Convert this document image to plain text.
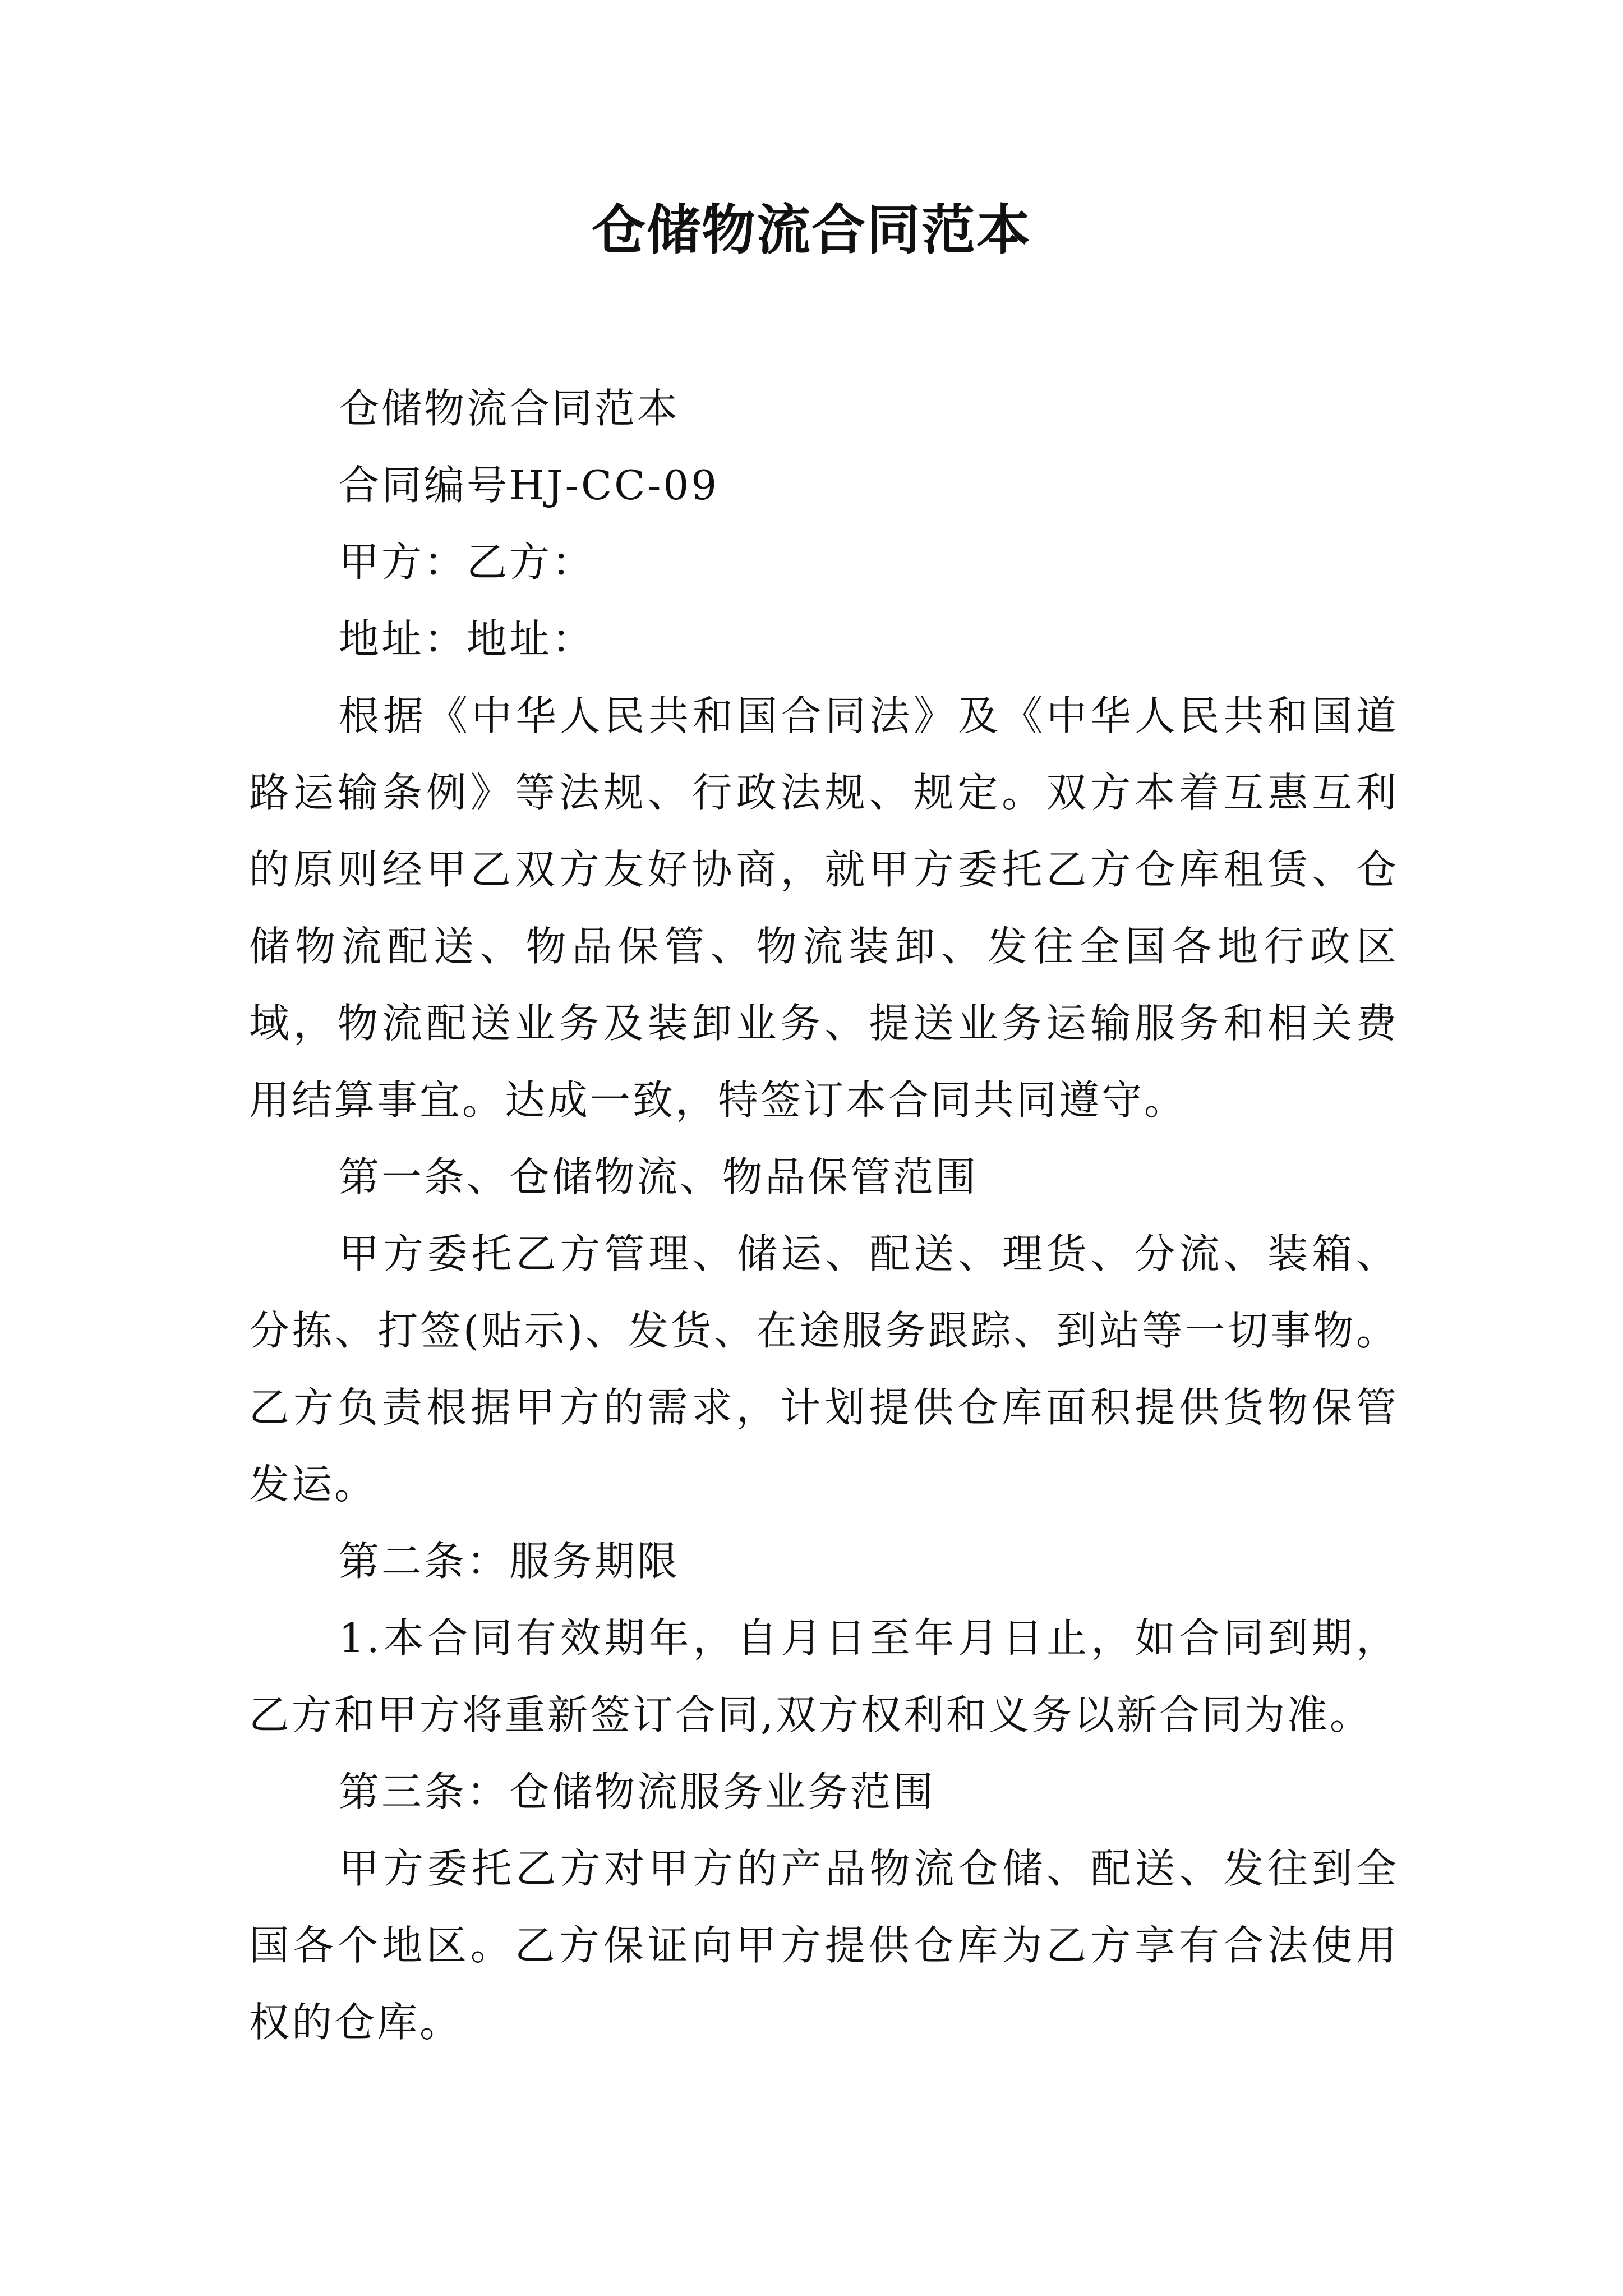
仓储物流合同范本

仓储物流合同范本

合同编号HJ-CC-09

甲方：乙方：

地址：地址：

根据《中华人民共和国合同法》及《中华人民共和国道路运输条例》等法规、行政法规、规定。双方本着互惠互利的原则经甲乙双方友好协商，就甲方委托乙方仓库租赁、仓储物流配送、物品保管、物流装卸、发往全国各地行政区域，物流配送业务及装卸业务、提送业务运输服务和相关费用结算事宜。达成一致，特签订本合同共同遵守。

第一条、仓储物流、物品保管范围

甲方委托乙方管理、储运、配送、理货、分流、装箱、分拣、打签(贴示)、发货、在途服务跟踪、到站等一切事物。乙方负责根据甲方的需求，计划提供仓库面积提供货物保管发运。

第二条：服务期限

1.本合同有效期年，自月日至年月日止，如合同到期，乙方和甲方将重新签订合同,双方权利和义务以新合同为准。

第三条：仓储物流服务业务范围

甲方委托乙方对甲方的产品物流仓储、配送、发往到全国各个地区。乙方保证向甲方提供仓库为乙方享有合法使用权的仓库。
